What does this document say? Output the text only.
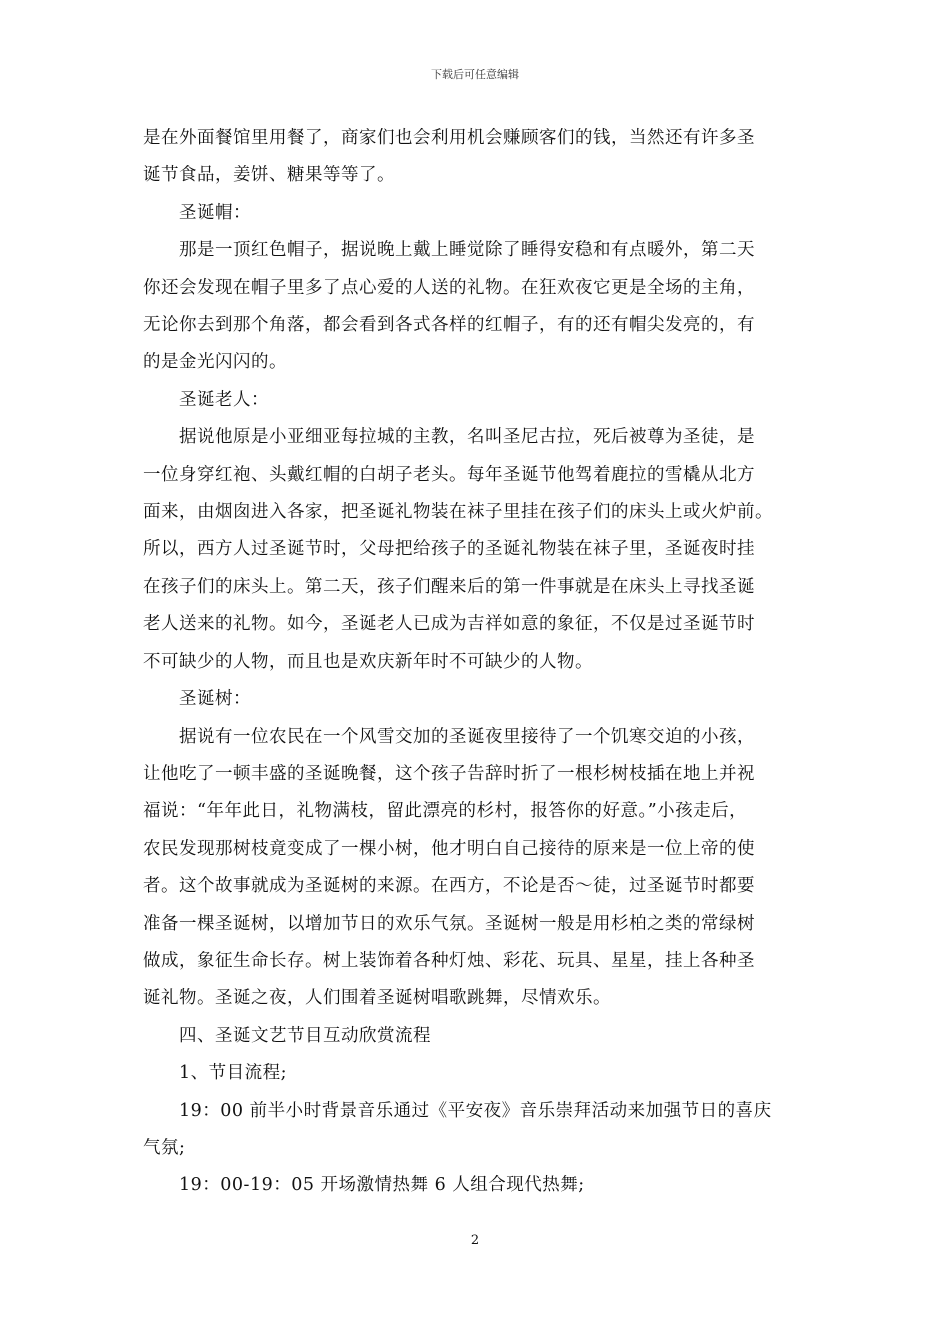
下载后可任意编辑
是在外面餐馆里用餐了，商家们也会利用机会赚顾客们的钱，当然还有许多圣
诞节食品，姜饼、糖果等等了。
圣诞帽：
那是一顶红色帽子，据说晚上戴上睡觉除了睡得安稳和有点暖外，第二天
你还会发现在帽子里多了点心爱的人送的礼物。在狂欢夜它更是全场的主角，
无论你去到那个角落，都会看到各式各样的红帽子，有的还有帽尖发亮的，有
的是金光闪闪的。
圣诞老人：
据说他原是小亚细亚每拉城的主教，名叫圣尼古拉，死后被尊为圣徒，是
一位身穿红袍、头戴红帽的白胡子老头。每年圣诞节他驾着鹿拉的雪橇从北方
面来，由烟囱进入各家，把圣诞礼物装在袜子里挂在孩子们的床头上或火炉前。
所以，西方人过圣诞节时，父母把给孩子的圣诞礼物装在袜子里，圣诞夜时挂
在孩子们的床头上。第二天，孩子们醒来后的第一件事就是在床头上寻找圣诞
老人送来的礼物。如今，圣诞老人已成为吉祥如意的象征，不仅是过圣诞节时
不可缺少的人物，而且也是欢庆新年时不可缺少的人物。
圣诞树：
据说有一位农民在一个风雪交加的圣诞夜里接待了一个饥寒交迫的小孩，
让他吃了一顿丰盛的圣诞晚餐，这个孩子告辞时折了一根杉树枝插在地上并祝
福说：“年年此日，礼物满枝，留此漂亮的杉村，报答你的好意。”小孩走后，
农民发现那树枝竟变成了一棵小树，他才明白自己接待的原来是一位上帝的使
者。这个故事就成为圣诞树的来源。在西方，不论是否～徒，过圣诞节时都要
准备一棵圣诞树，以增加节日的欢乐气氛。圣诞树一般是用杉柏之类的常绿树
做成，象征生命长存。树上装饰着各种灯烛、彩花、玩具、星星，挂上各种圣
诞礼物。圣诞之夜，人们围着圣诞树唱歌跳舞，尽情欢乐。
四、圣诞文艺节目互动欣赏流程
1、节目流程;
19：00 前半小时背景音乐通过《平安夜》音乐崇拜活动来加强节日的喜庆
气氛;
19：00-19：05 开场激情热舞 6 人组合现代热舞;
2
